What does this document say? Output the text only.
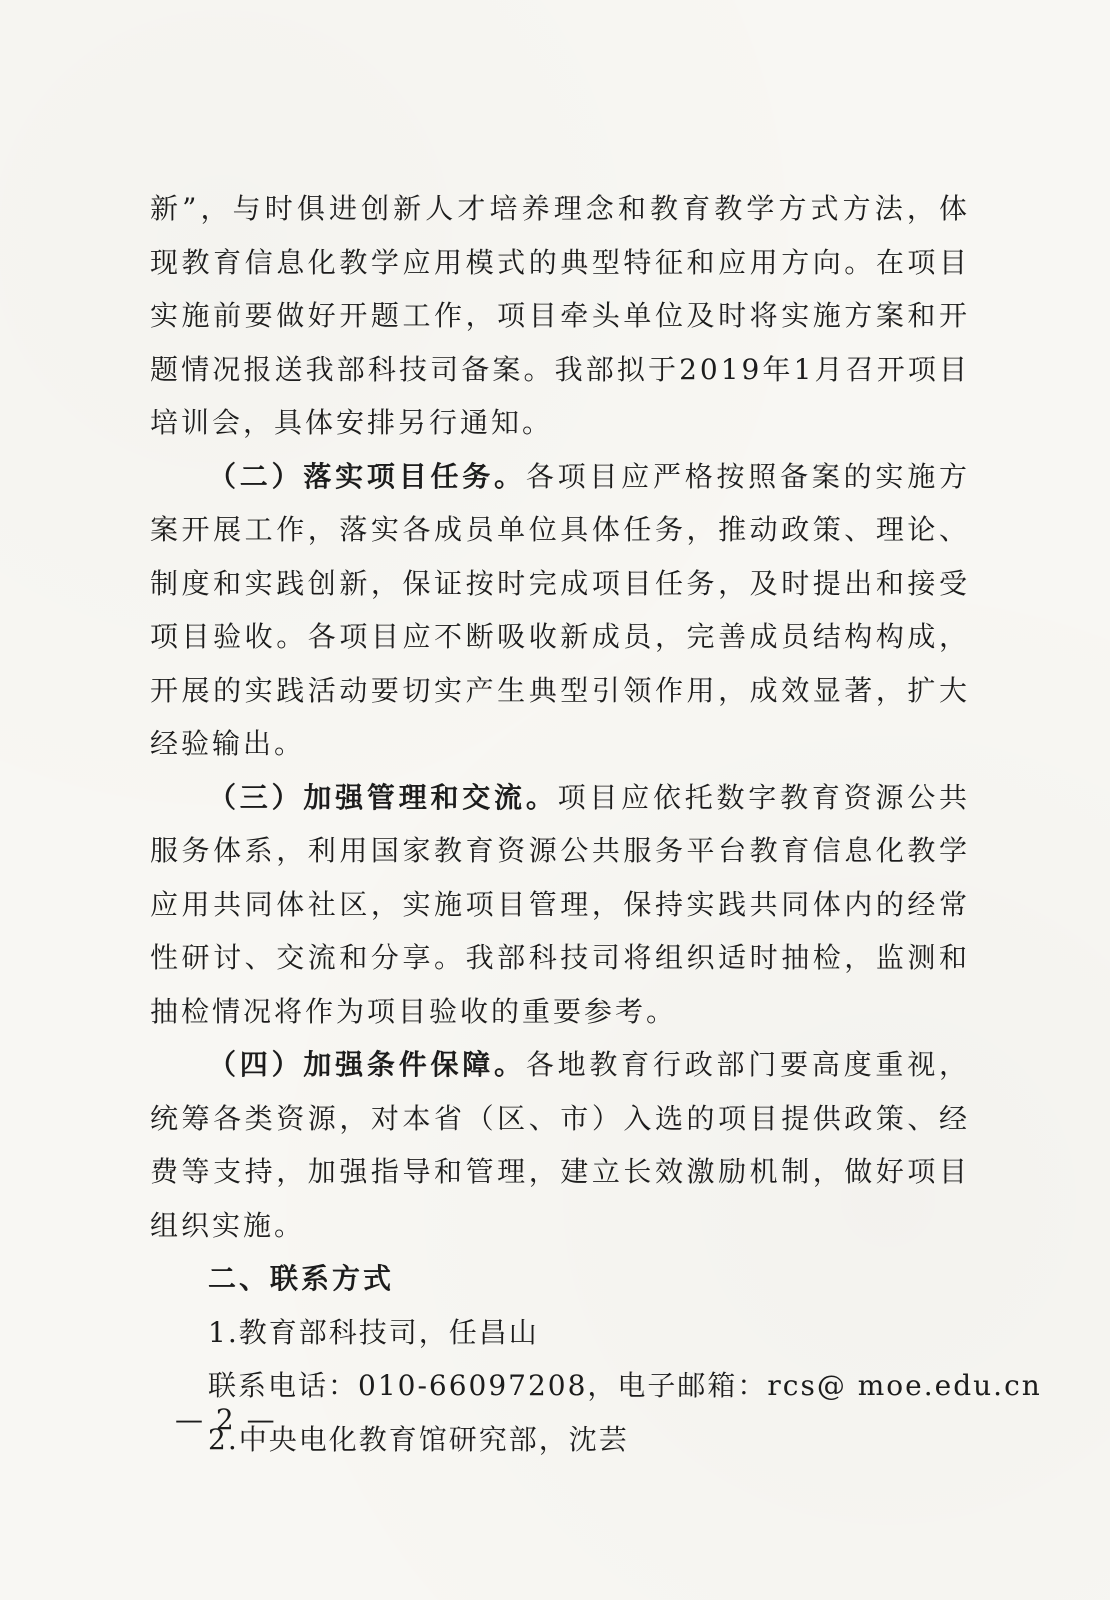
新”，与时俱进创新人才培养理念和教育教学方式方法，体现教育信息化教学应用模式的典型特征和应用方向。在项目实施前要做好开题工作，项目牵头单位及时将实施方案和开题情况报送我部科技司备案。我部拟于2019年1月召开项目培训会，具体安排另行通知。

（二）落实项目任务。各项目应严格按照备案的实施方案开展工作，落实各成员单位具体任务，推动政策、理论、制度和实践创新，保证按时完成项目任务，及时提出和接受项目验收。各项目应不断吸收新成员，完善成员结构构成，开展的实践活动要切实产生典型引领作用，成效显著，扩大经验输出。

（三）加强管理和交流。项目应依托数字教育资源公共服务体系，利用国家教育资源公共服务平台教育信息化教学应用共同体社区，实施项目管理，保持实践共同体内的经常性研讨、交流和分享。我部科技司将组织适时抽检，监测和抽检情况将作为项目验收的重要参考。

（四）加强条件保障。各地教育行政部门要高度重视，统筹各类资源，对本省（区、市）入选的项目提供政策、经费等支持，加强指导和管理，建立长效激励机制，做好项目组织实施。

二、联系方式

1.教育部科技司，任昌山

联系电话：010-66097208，电子邮箱：rcs@ moe.edu.cn

2.中央电化教育馆研究部，沈芸

— 2 —
